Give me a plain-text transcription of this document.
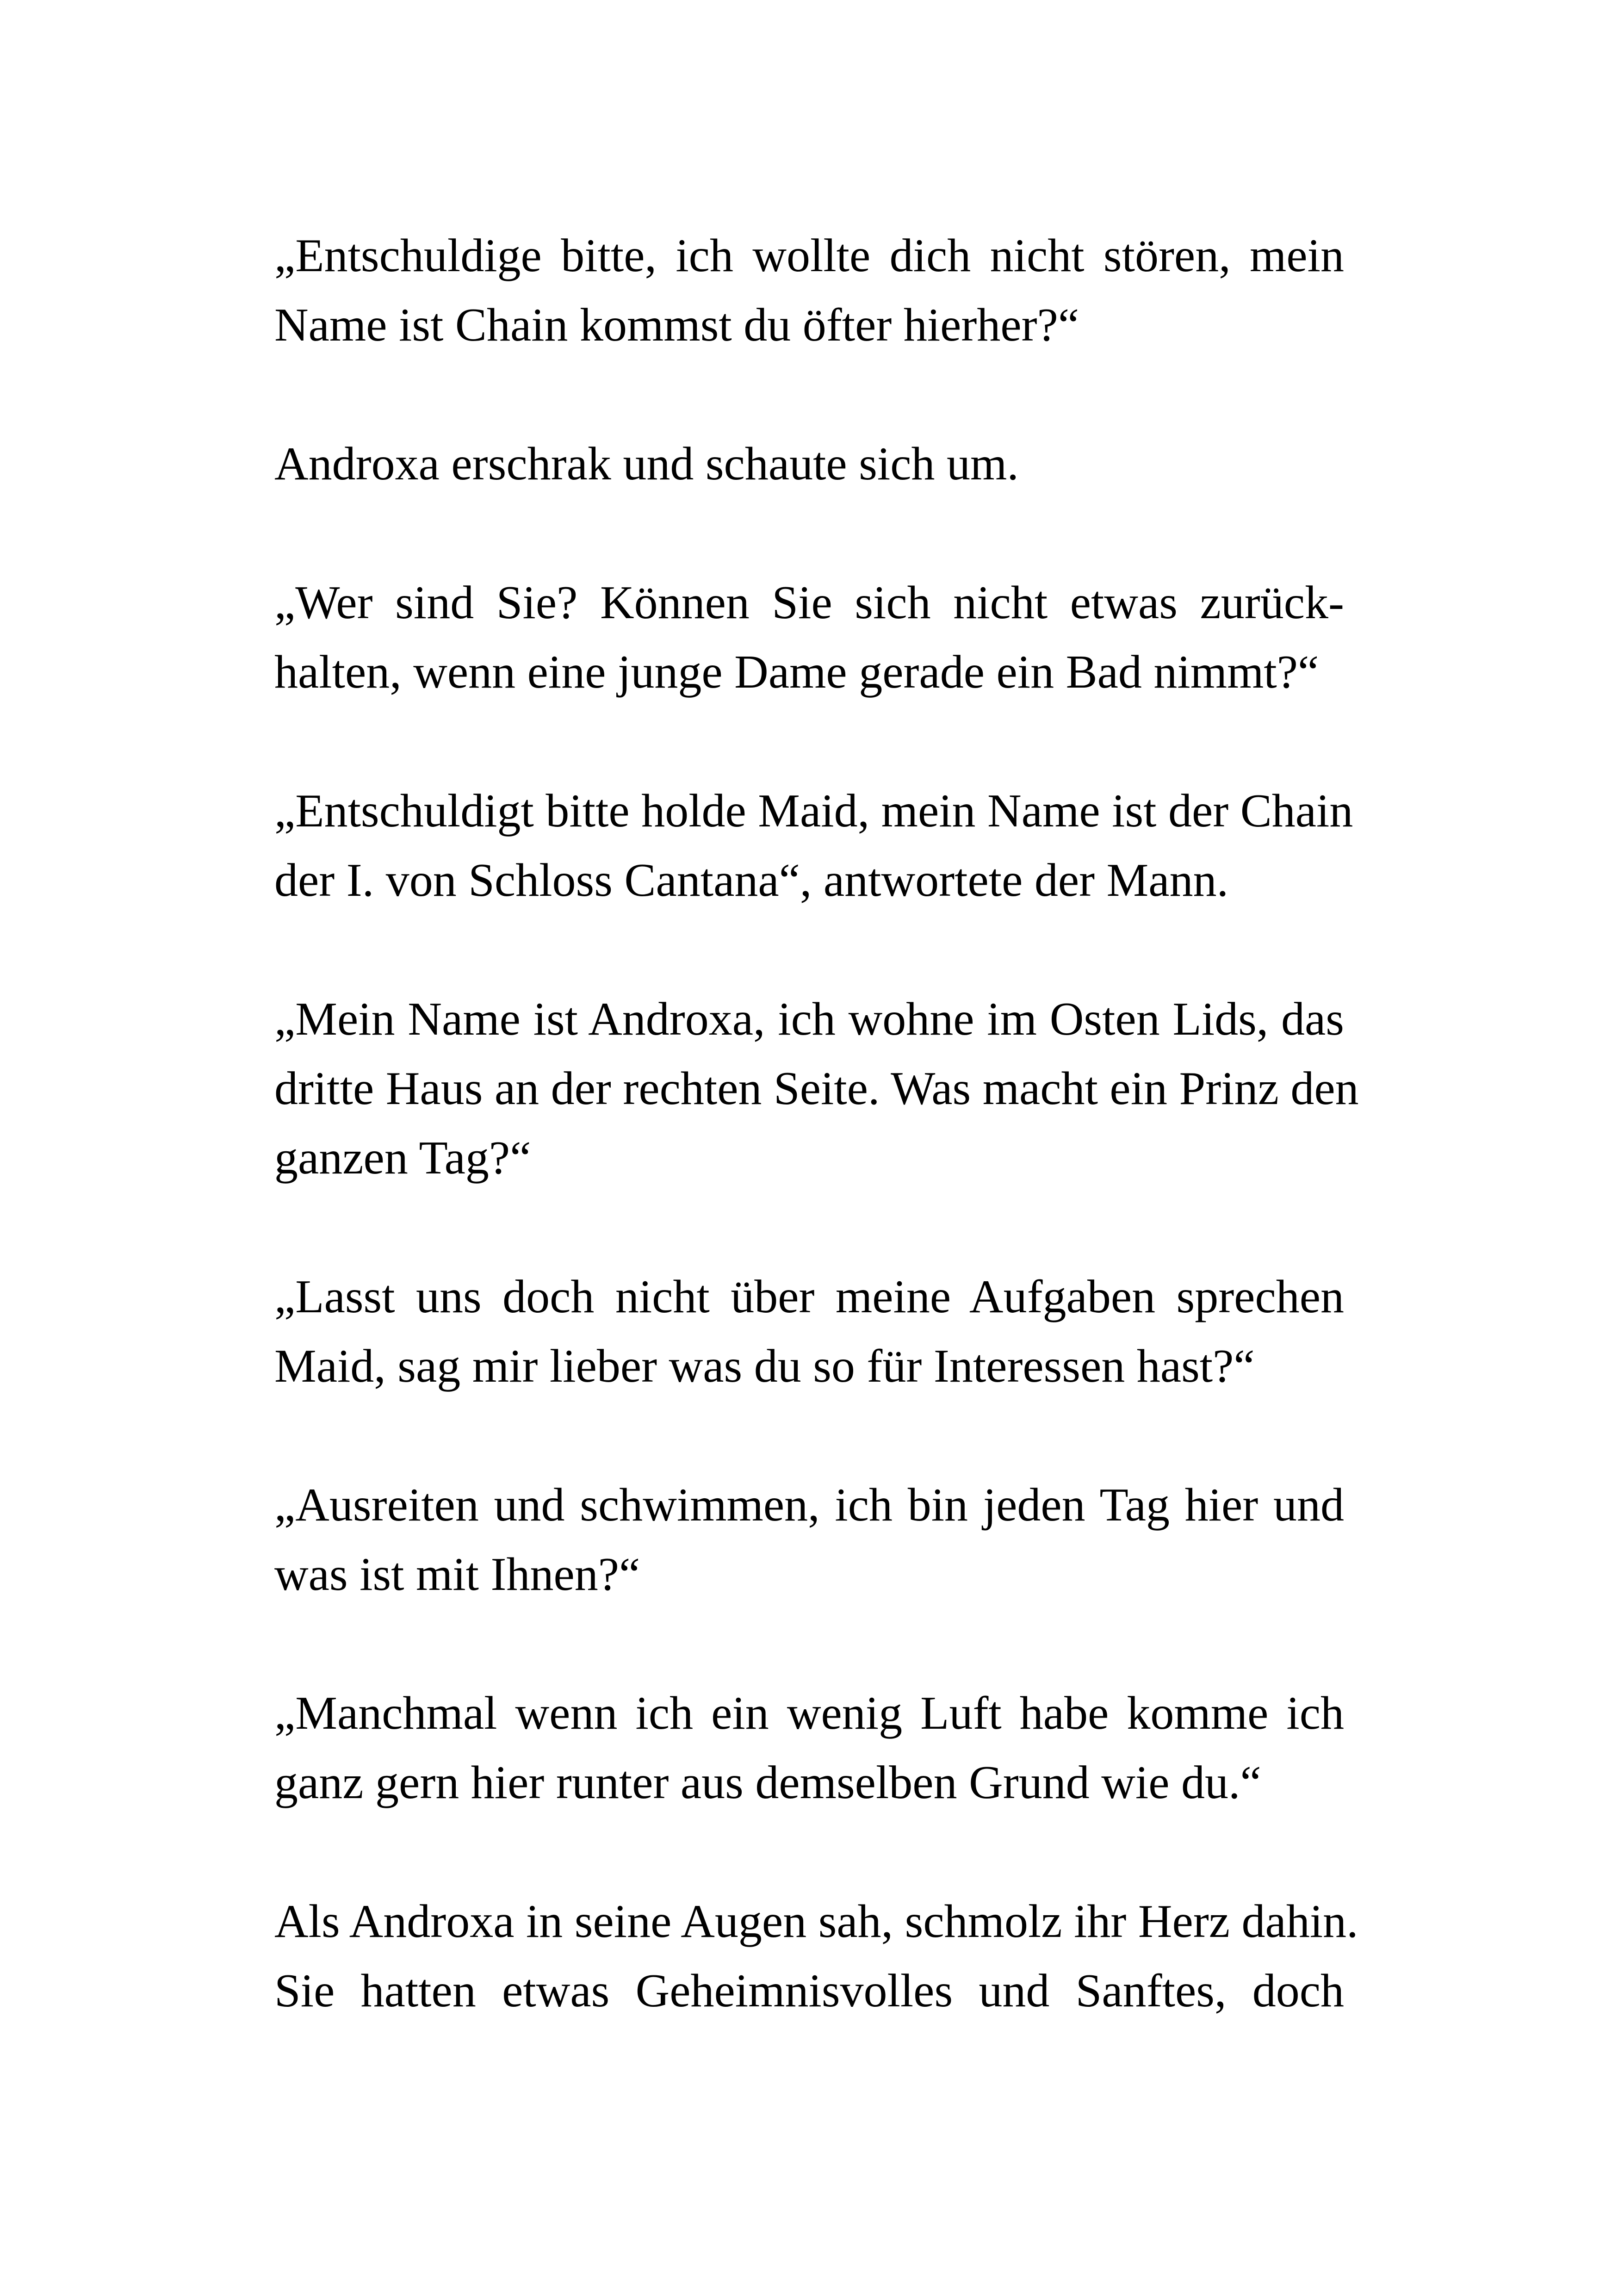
„Entschuldige bitte, ich wollte dich nicht stören, mein
Name ist Chain kommst du öfter hierher?“

Androxa erschrak und schaute sich um.

„Wer sind Sie? Können Sie sich nicht etwas zurück-
halten, wenn eine junge Dame gerade ein Bad nimmt?“

„Entschuldigt bitte holde Maid, mein Name ist der Chain
der I. von Schloss Cantana“, antwortete der Mann.

„Mein Name ist Androxa, ich wohne im Osten Lids, das
dritte Haus an der rechten Seite. Was macht ein Prinz den
ganzen Tag?“

„Lasst uns doch nicht über meine Aufgaben sprechen
Maid, sag mir lieber was du so für Interessen hast?“

„Ausreiten und schwimmen, ich bin jeden Tag hier und
was ist mit Ihnen?“

„Manchmal wenn ich ein wenig Luft habe komme ich
ganz gern hier runter aus demselben Grund wie du.“

Als Androxa in seine Augen sah, schmolz ihr Herz dahin.
Sie hatten etwas Geheimnisvolles und Sanftes, doch
